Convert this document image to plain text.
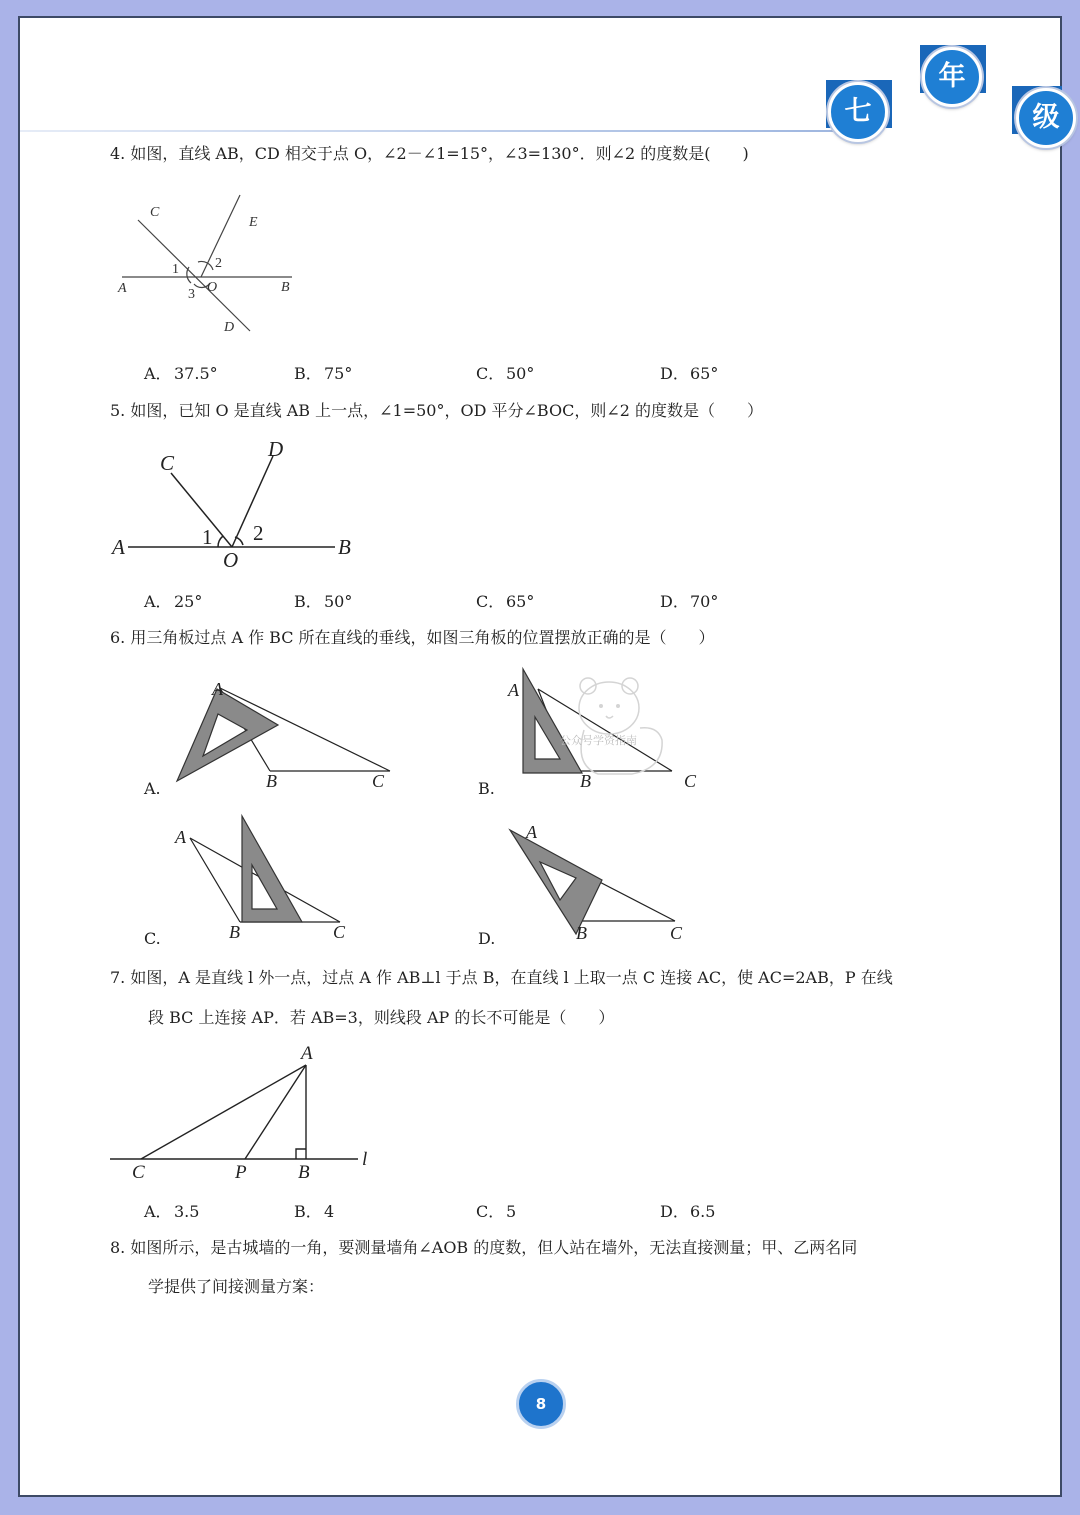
七
年
级
4. 如图，直线 AB，CD 相交于点 O，∠2－∠1=15°，∠3=130°．则∠2 的度数是(　　)
C
E
2
1
A	3 O	B
D
A． 37.5°	B． 75°	C． 50°	D．65°
5. 如图，已知 O 是直线 AB 上一点，∠1=50°，OD 平分∠BOC，则∠2 的度数是（　　）
C
D
A	1 2
O
B
A． 25°	B． 50°	C． 65°	D．70°
6. 用三角板过点 A 作 BC 所在直线的垂线，如图三角板的位置摆放正确的是（　　）
A
B	C
A.
A
B	C
B.
公众号学资指南
A
B	C
C.
A
B	C
D.
7. 如图，A 是直线 l 外一点，过点 A 作 AB⊥l 于点 B，在直线 l 上取一点 C 连接 AC，使 AC=2AB，P 在线
段 BC 上连接 AP．若 AB=3，则线段 AP 的长不可能是（　　）
A
C	P	B
l
A． 3.5	B． 4	C． 5	D．6.5
8. 如图所示，是古城墙的一角，要测量墙角∠AOB 的度数，但人站在墙外，无法直接测量；甲、乙两名同
学提供了间接测量方案：
8
